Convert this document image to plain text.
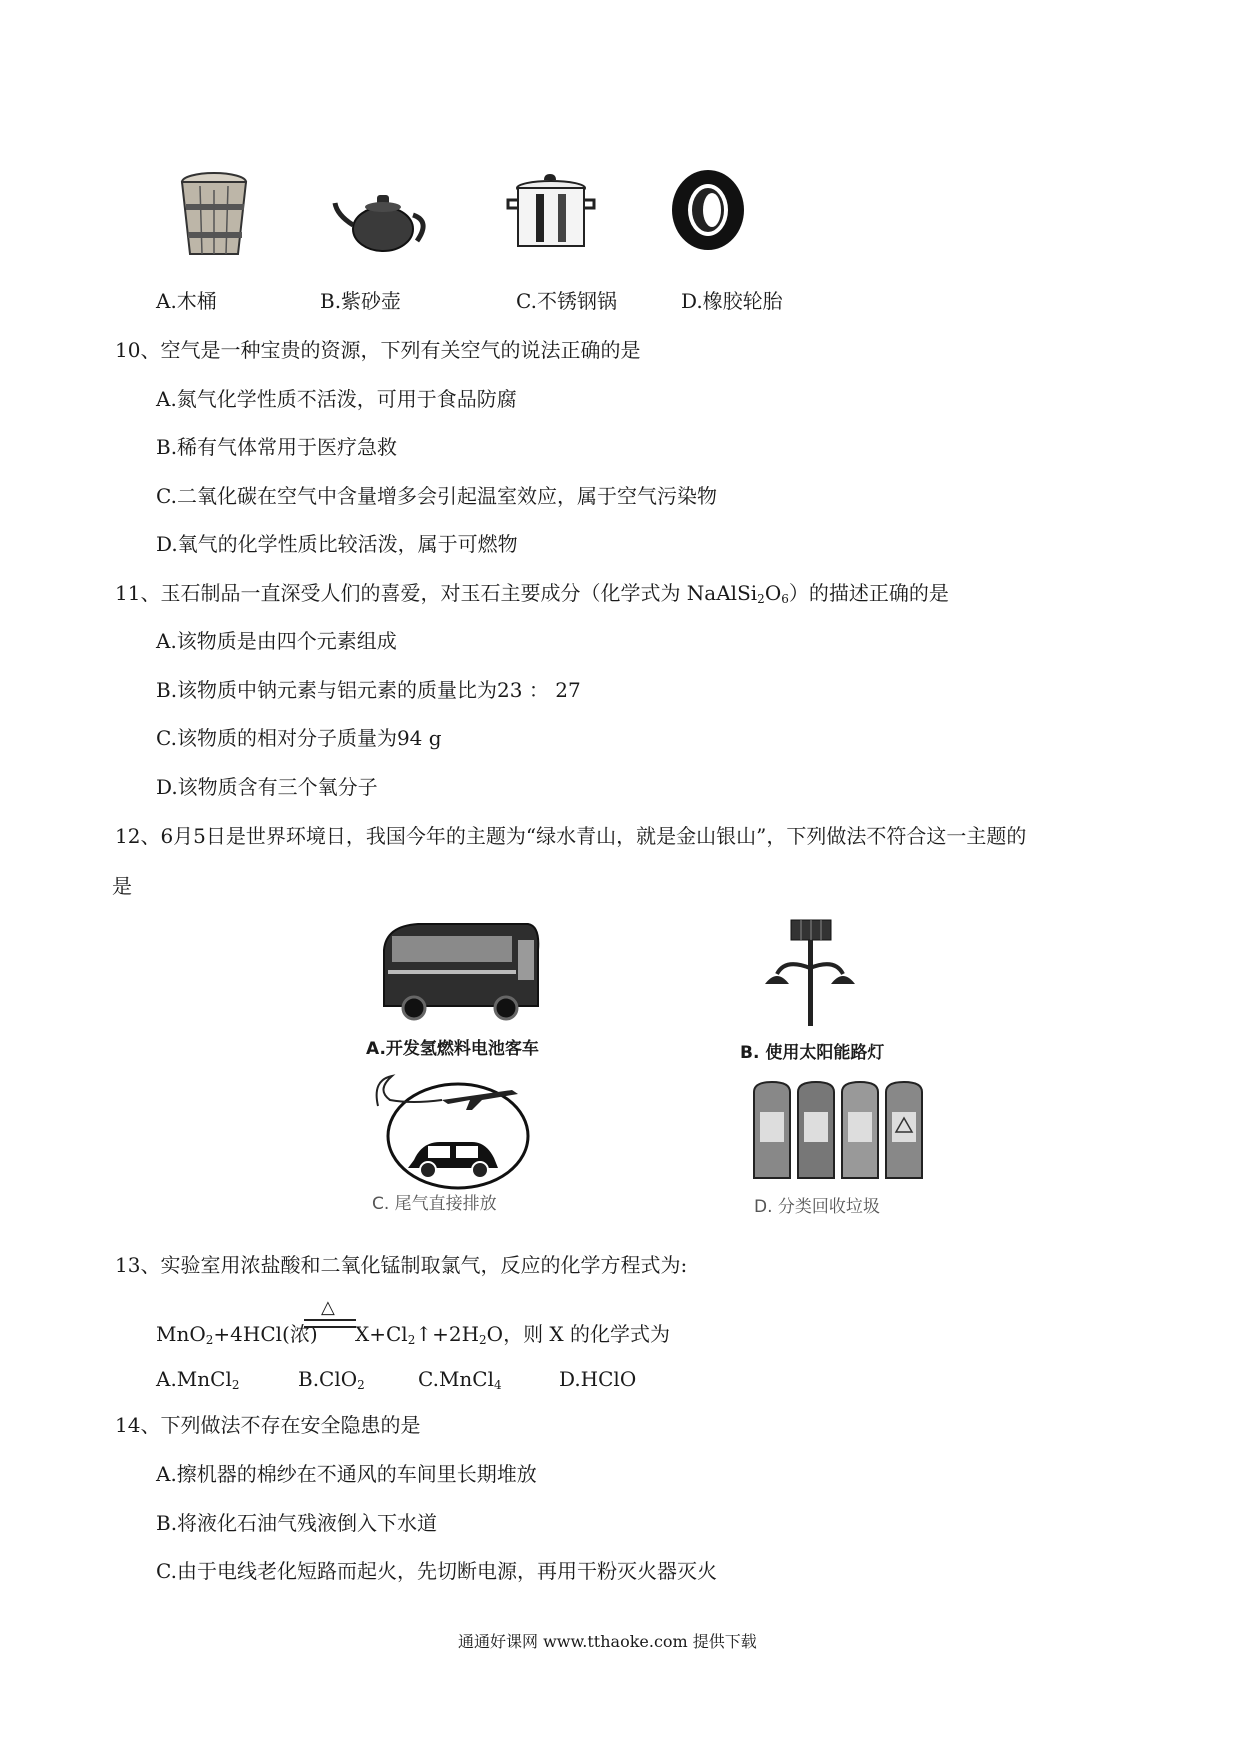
A.木桶	B.紫砂壶	C.不锈钢锅	D.橡胶轮胎
10、空气是一种宝贵的资源，下列有关空气的说法正确的是
A.氮气化学性质不活泼，可用于食品防腐
B.稀有气体常用于医疗急救
C.二氧化碳在空气中含量增多会引起温室效应，属于空气污染物
D.氧气的化学性质比较活泼，属于可燃物
11、玉石制品一直深受人们的喜爱，对玉石主要成分（化学式为 $NaAlSi_2O_6$）的描述正确的是
A.该物质是由四个元素组成
B.该物质中钠元素与铝元素的质量比为23 ： 27
C.该物质的相对分子质量为94 g
D.该物质含有三个氧分子
12、6月5日是世界环境日，我国今年的主题为“绿水青山，就是金山银山”，下列做法不符合这一主题的
是
A.开发氢燃料电池客车	B. 使用太阳能路灯
C. 尾气直接排放	D. 分类回收垃圾
13、实验室用浓盐酸和二氧化锰制取氯气，反应的化学方程式为:
MnO$_2$+4HCl(浓)
△
$X+Cl_2↑+2H_2O$，则 X 的化学式为
A.MnCl$_2$	B.ClO$_2$	C.MnCl$_4$	D.HClO
14、下列做法不存在安全隐患的是
A.擦机器的棉纱在不通风的车间里长期堆放
B.将液化石油气残液倒入下水道
C.由于电线老化短路而起火，先切断电源，再用干粉灭火器灭火
通通好课网 www.tthaoke.com 提供下载
